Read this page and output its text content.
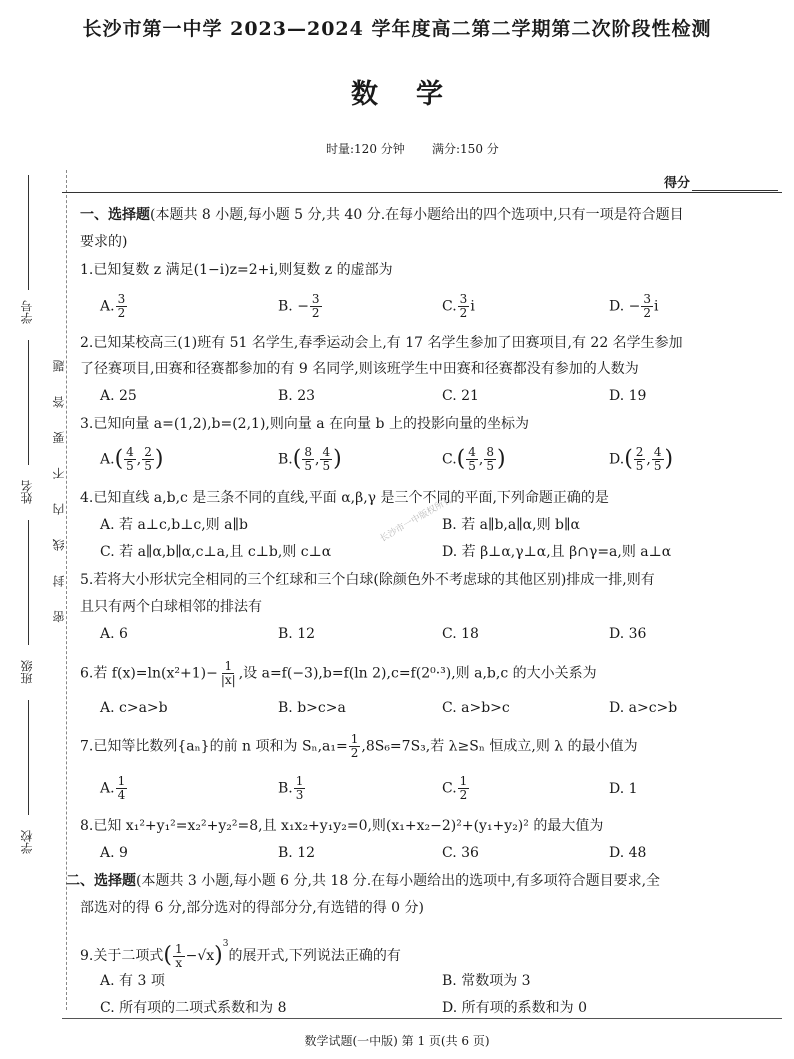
学号
姓名
班级
学校
密 封 线 内 不 要 答 题
长沙市第一中学 2023—2024 学年度高二第二学期第二次阶段性检测
数学
时量:120 分钟 满分:150 分
得分
长沙市一中版权所有
一、选择题(本题共 8 小题,每小题 5 分,共 40 分.在每小题给出的四个选项中,只有一项是符合题目
要求的)
1.已知复数 z 满足(1−i)z=2+i,则复数 z 的虚部为
A. $\frac{3}{2}$	B. − $\frac{3}{2}$	C. $\frac{3}{2}$ i	D. − $\frac{3}{2}$ i
2.已知某校高三(1)班有 51 名学生,春季运动会上,有 17 名学生参加了田赛项目,有 22 名学生参加
了径赛项目,田赛和径赛都参加的有 9 名同学,则该班学生中田赛和径赛都没有参加的人数为
A. 25	B. 23	C. 21	D. 19
3.已知向量 a=(1,2),b=(2,1),则向量 a 在向量 b 上的投影向量的坐标为
$A.( \frac{4}{5}$ , $\frac{2}{5}$ )	$B.( \frac{8}{5}$ , $\frac{4}{5}$ )	$C.( \frac{4}{5}$ , $\frac{8}{5}$ )	$D.( \frac{2}{5}$ , $\frac{4}{5}$ )
4.已知直线 a,b,c 是三条不同的直线,平面 α,β,γ 是三个不同的平面,下列命题正确的是
A. 若 a⊥c,b⊥c,则 a∥b	B. 若 a∥b,a∥α,则 b∥α
C. 若 a∥α,b∥α,c⊥a,且 c⊥b,则 c⊥α	D. 若 β⊥α,γ⊥α,且 β∩γ=a,则 a⊥α
5.若将大小形状完全相同的三个红球和三个白球(除颜色外不考虑球的其他区别)排成一排,则有
且只有两个白球相邻的排法有
A. 6	B. 12	C. 18	D. 36
6.若 $f(x)=\ln(x^2+1)- \frac{1}{|x|}$ ,设 a=f(−3),b=f(ln 2),c=f(2⁰·³),则 a,b,c 的大小关系为
A. c>a>b	B. b>c>a	C. a>b>c	D. a>c>b
7.已知等比数列{aₙ}的前 n 项和为 $S_n,a_1= \frac{1}{2} ,8S_6=7S_3$,若 λ≥Sₙ 恒成立,则 λ 的最小值为
A. $\frac{1}{4}$	B. $\frac{1}{3}$	C. $\frac{1}{2}$	D. 1
8.已知 x₁²+y₁²=x₂²+y₂²=8,且 x₁x₂+y₁y₂=0,则(x₁+x₂−2)²+(y₁+y₂)² 的最大值为
A. 9	B. 12	C. 36	D. 48
二、选择题(本题共 3 小题,每小题 6 分,共 18 分.在每小题给出的选项中,有多项符合题目要求,全
部选对的得 6 分,部分选对的得部分分,有选错的得 0 分)
9.关于二项式( $\frac{1}{x} -√x)^3$的展开式,下列说法正确的有
A. 有 3 项	B. 常数项为 3
C. 所有项的二项式系数和为 8	D. 所有项的系数和为 0
数学试题(一中版) 第 1 页(共 6 页)
